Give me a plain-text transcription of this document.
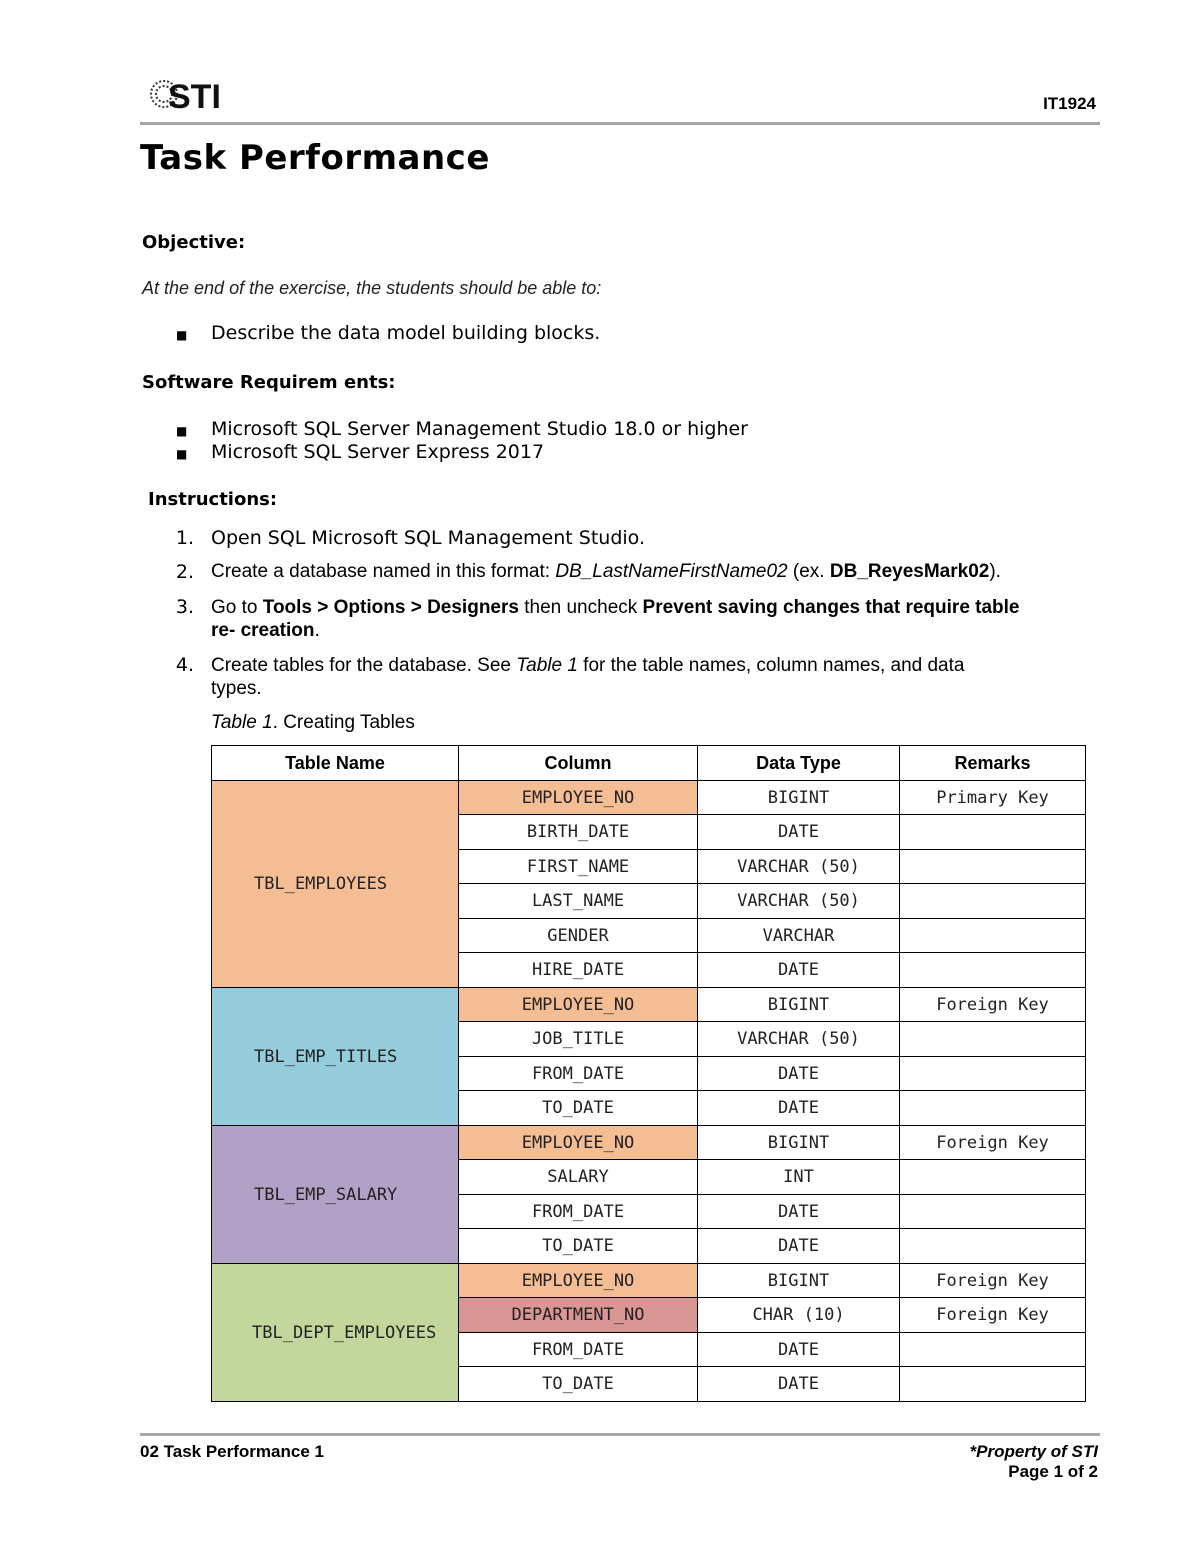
STI	IT1924
Task Performance
Objective:
At the end of the exercise, the students should be able to:
■ Describe the data model building blocks.
Software Requirem ents:
■ Microsoft SQL Server Management Studio 18.0 or higher
■ Microsoft SQL Server Express 2017
Instructions:
1. Open SQL Microsoft SQL Management Studio.
2. Create a database named in this format: DB_LastNameFirstName02 (ex. DB_ReyesMark02).
3. Go to Tools > Options > Designers then uncheck Prevent saving changes that require table
re- creation.
4. Create tables for the database. See Table 1 for the table names, column names, and data
types.
Table 1. Creating Tables
Table Name	Column	Data Type	Remarks
TBL_EMPLOYEES	EMPLOYEE_NO	BIGINT	Primary Key
	BIRTH_DATE	DATE	
	FIRST_NAME	VARCHAR (50)	
	LAST_NAME	VARCHAR (50)	
	GENDER	VARCHAR	
	HIRE_DATE	DATE	
TBL_EMP_TITLES	EMPLOYEE_NO	BIGINT	Foreign Key
	JOB_TITLE	VARCHAR (50)	
	FROM_DATE	DATE	
	TO_DATE	DATE	
TBL_EMP_SALARY	EMPLOYEE_NO	BIGINT	Foreign Key
	SALARY	INT	
	FROM_DATE	DATE	
	TO_DATE	DATE	
TBL_DEPT_EMPLOYEES	EMPLOYEE_NO	BIGINT	Foreign Key
	DEPARTMENT_NO	CHAR (10)	Foreign Key
	FROM_DATE	DATE	
	TO_DATE	DATE	
02 Task Performance 1	*Property of STI
Page 1 of 2
